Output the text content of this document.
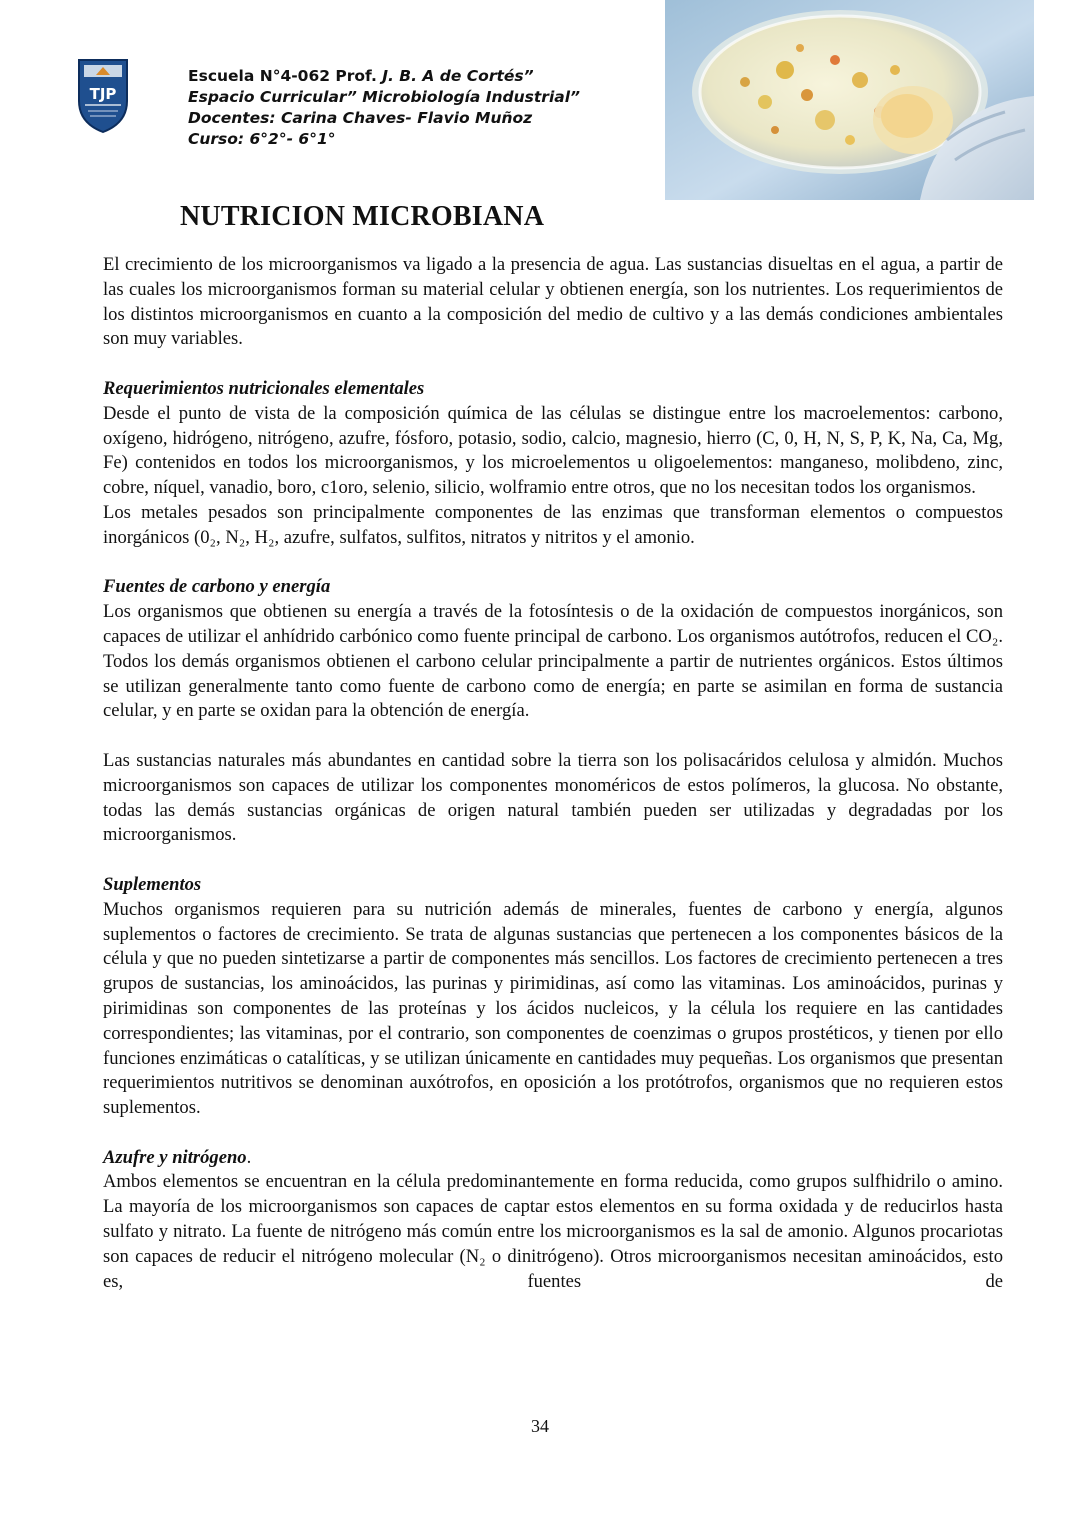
TJP
Escuela N°4-062 Prof. J. B. A de Cortés”
Espacio Curricular” Microbiología Industrial”
Docentes: Carina Chaves- Flavio Muñoz
Curso: 6°2°- 6°1°
NUTRICION MICROBIANA

El crecimiento de los microorganismos va ligado a la presencia de agua. Las sustancias disueltas en el agua, a partir de las cuales los microorganismos forman su material celular y obtienen energía, son los nutrientes. Los requerimientos de los distintos microorganismos en cuanto a la composición del medio de cultivo y a las demás condiciones ambientales son muy variables.

Requerimientos nutricionales elementales

Desde el punto de vista de la composición química de las células se distingue entre los macroelementos: carbono, oxígeno, hidrógeno, nitrógeno, azufre, fósforo, potasio, sodio, calcio, magnesio, hierro (C, 0, H, N, S, P, K, Na, Ca, Mg, Fe) contenidos en todos los microorganismos, y los microelementos u oligoelementos: manganeso, molibdeno, zinc, cobre, níquel, vanadio, boro, c1oro, selenio, silicio, wolframio entre otros, que no los necesitan todos los organismos.

Los metales pesados son principalmente componentes de las enzimas que transforman elementos o compuestos inorgánicos (0₂, N₂, H₂, azufre, sulfatos, sulfitos, nitratos y nitritos y el amonio.

Fuentes de carbono y energía

Los organismos que obtienen su energía a través de la fotosíntesis o de la oxidación de compuestos inorgánicos, son capaces de utilizar el anhídrido carbónico como fuente principal de carbono. Los organismos autótrofos, reducen el CO₂. Todos los demás organismos obtienen el carbono celular principalmente a partir de nutrientes orgánicos. Estos últimos se utilizan generalmente tanto como fuente de carbono como de energía; en parte se asimilan en forma de sustancia celular, y en parte se oxidan para la obtención de energía.

Las sustancias naturales más abundantes en cantidad sobre la tierra son los polisacáridos celulosa y almidón. Muchos microorganismos son capaces de utilizar los componentes monoméricos de estos polímeros, la glucosa. No obstante, todas las demás sustancias orgánicas de origen natural también pueden ser utilizadas y degradadas por los microorganismos.

Suplementos

Muchos organismos requieren para su nutrición además de minerales, fuentes de carbono y energía, algunos suplementos o factores de crecimiento. Se trata de algunas sustancias que pertenecen a los componentes básicos de la célula y que no pueden sintetizarse a partir de componentes más sencillos. Los factores de crecimiento pertenecen a tres grupos de sustancias, los aminoácidos, las purinas y pirimidinas, así como las vitaminas. Los aminoácidos, purinas y pirimidinas son componentes de las proteínas y los ácidos nucleicos, y la célula los requiere en las cantidades correspondientes; las vitaminas, por el contrario, son componentes de coenzimas o grupos prostéticos, y tienen por ello funciones enzimáticas o catalíticas, y se utilizan únicamente en cantidades muy pequeñas. Los organismos que presentan requerimientos nutritivos se denominan auxótrofos, en oposición a los protótrofos, organismos que no requieren estos suplementos.

Azufre y nitrógeno.

Ambos elementos se encuentran en la célula predominantemente en forma reducida, como grupos sulfhidrilo o amino. La mayoría de los microorganismos son capaces de captar estos elementos en su forma oxidada y de reducirlos hasta sulfato y nitrato. La fuente de nitrógeno más común entre los microorganismos es la sal de amonio. Algunos procariotas son capaces de reducir el nitrógeno molecular (N₂ o dinitrógeno). Otros microorganismos necesitan aminoácidos, esto es, fuentes de

34
